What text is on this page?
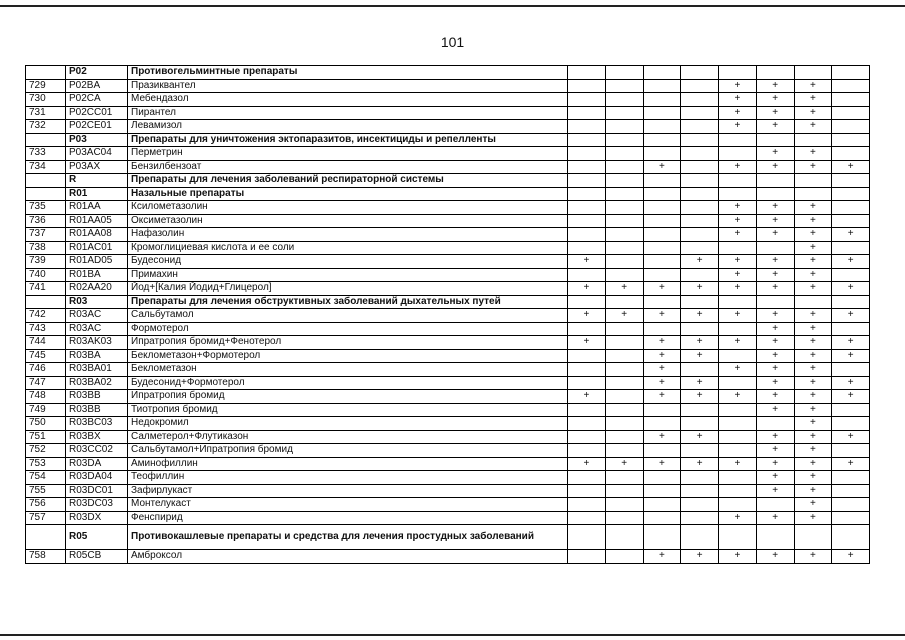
101
	P02	Противогельминтные препараты								
729	P02BA	Празиквантел					+	+	+	
730	P02CA	Мебендазол					+	+	+	
731	P02CC01	Пирантел					+	+	+	
732	P02CE01	Левамизол					+	+	+	
	P03	Препараты для уничтожения эктопаразитов, инсектициды и репелленты								
733	P03AC04	Перметрин						+	+	
734	P03AX	Бензилбензоат			+		+	+	+	+
	R	Препараты для лечения заболеваний респираторной системы								
	R01	Назальные препараты								
735	R01AA	Ксилометазолин					+	+	+	
736	R01AA05	Оксиметазолин					+	+	+	
737	R01AA08	Нафазолин					+	+	+	+
738	R01AC01	Кромоглициевая кислота и ее соли							+	
739	R01AD05	Будесонид	+			+	+	+	+	+
740	R01BA	Примахин					+	+	+	
741	R02AA20	Йод+[Калия Йодид+Глицерол]	+	+	+	+	+	+	+	+
	R03	Препараты для лечения обструктивных заболеваний дыхательных путей								
742	R03AC	Сальбутамол	+	+	+	+	+	+	+	+
743	R03AC	Формотерол						+	+	
744	R03AK03	Ипратропия бромид+Фенотерол	+		+	+	+	+	+	+
745	R03BA	Беклометазон+Формотерол			+	+		+	+	+
746	R03BA01	Беклометазон			+		+	+	+	
747	R03BA02	Будесонид+Формотерол			+	+		+	+	+
748	R03BB	Ипратропия бромид	+		+	+	+	+	+	+
749	R03BB	Тиотропия бромид						+	+	
750	R03BC03	Недокромил							+	
751	R03BX	Салметерол+Флутиказон			+	+		+	+	+
752	R03CC02	Сальбутамол+Ипратропия бромид						+	+	
753	R03DA	Аминофиллин	+	+	+	+	+	+	+	+
754	R03DA04	Теофиллин						+	+	
755	R03DC01	Зафирлукаст						+	+	
756	R03DC03	Монтелукаст							+	
757	R03DX	Фенспирид					+	+	+	
	R05	Противокашлевые препараты и средства для лечения простудных заболеваний								
758	R05CB	Амброксол			+	+	+	+	+	+
